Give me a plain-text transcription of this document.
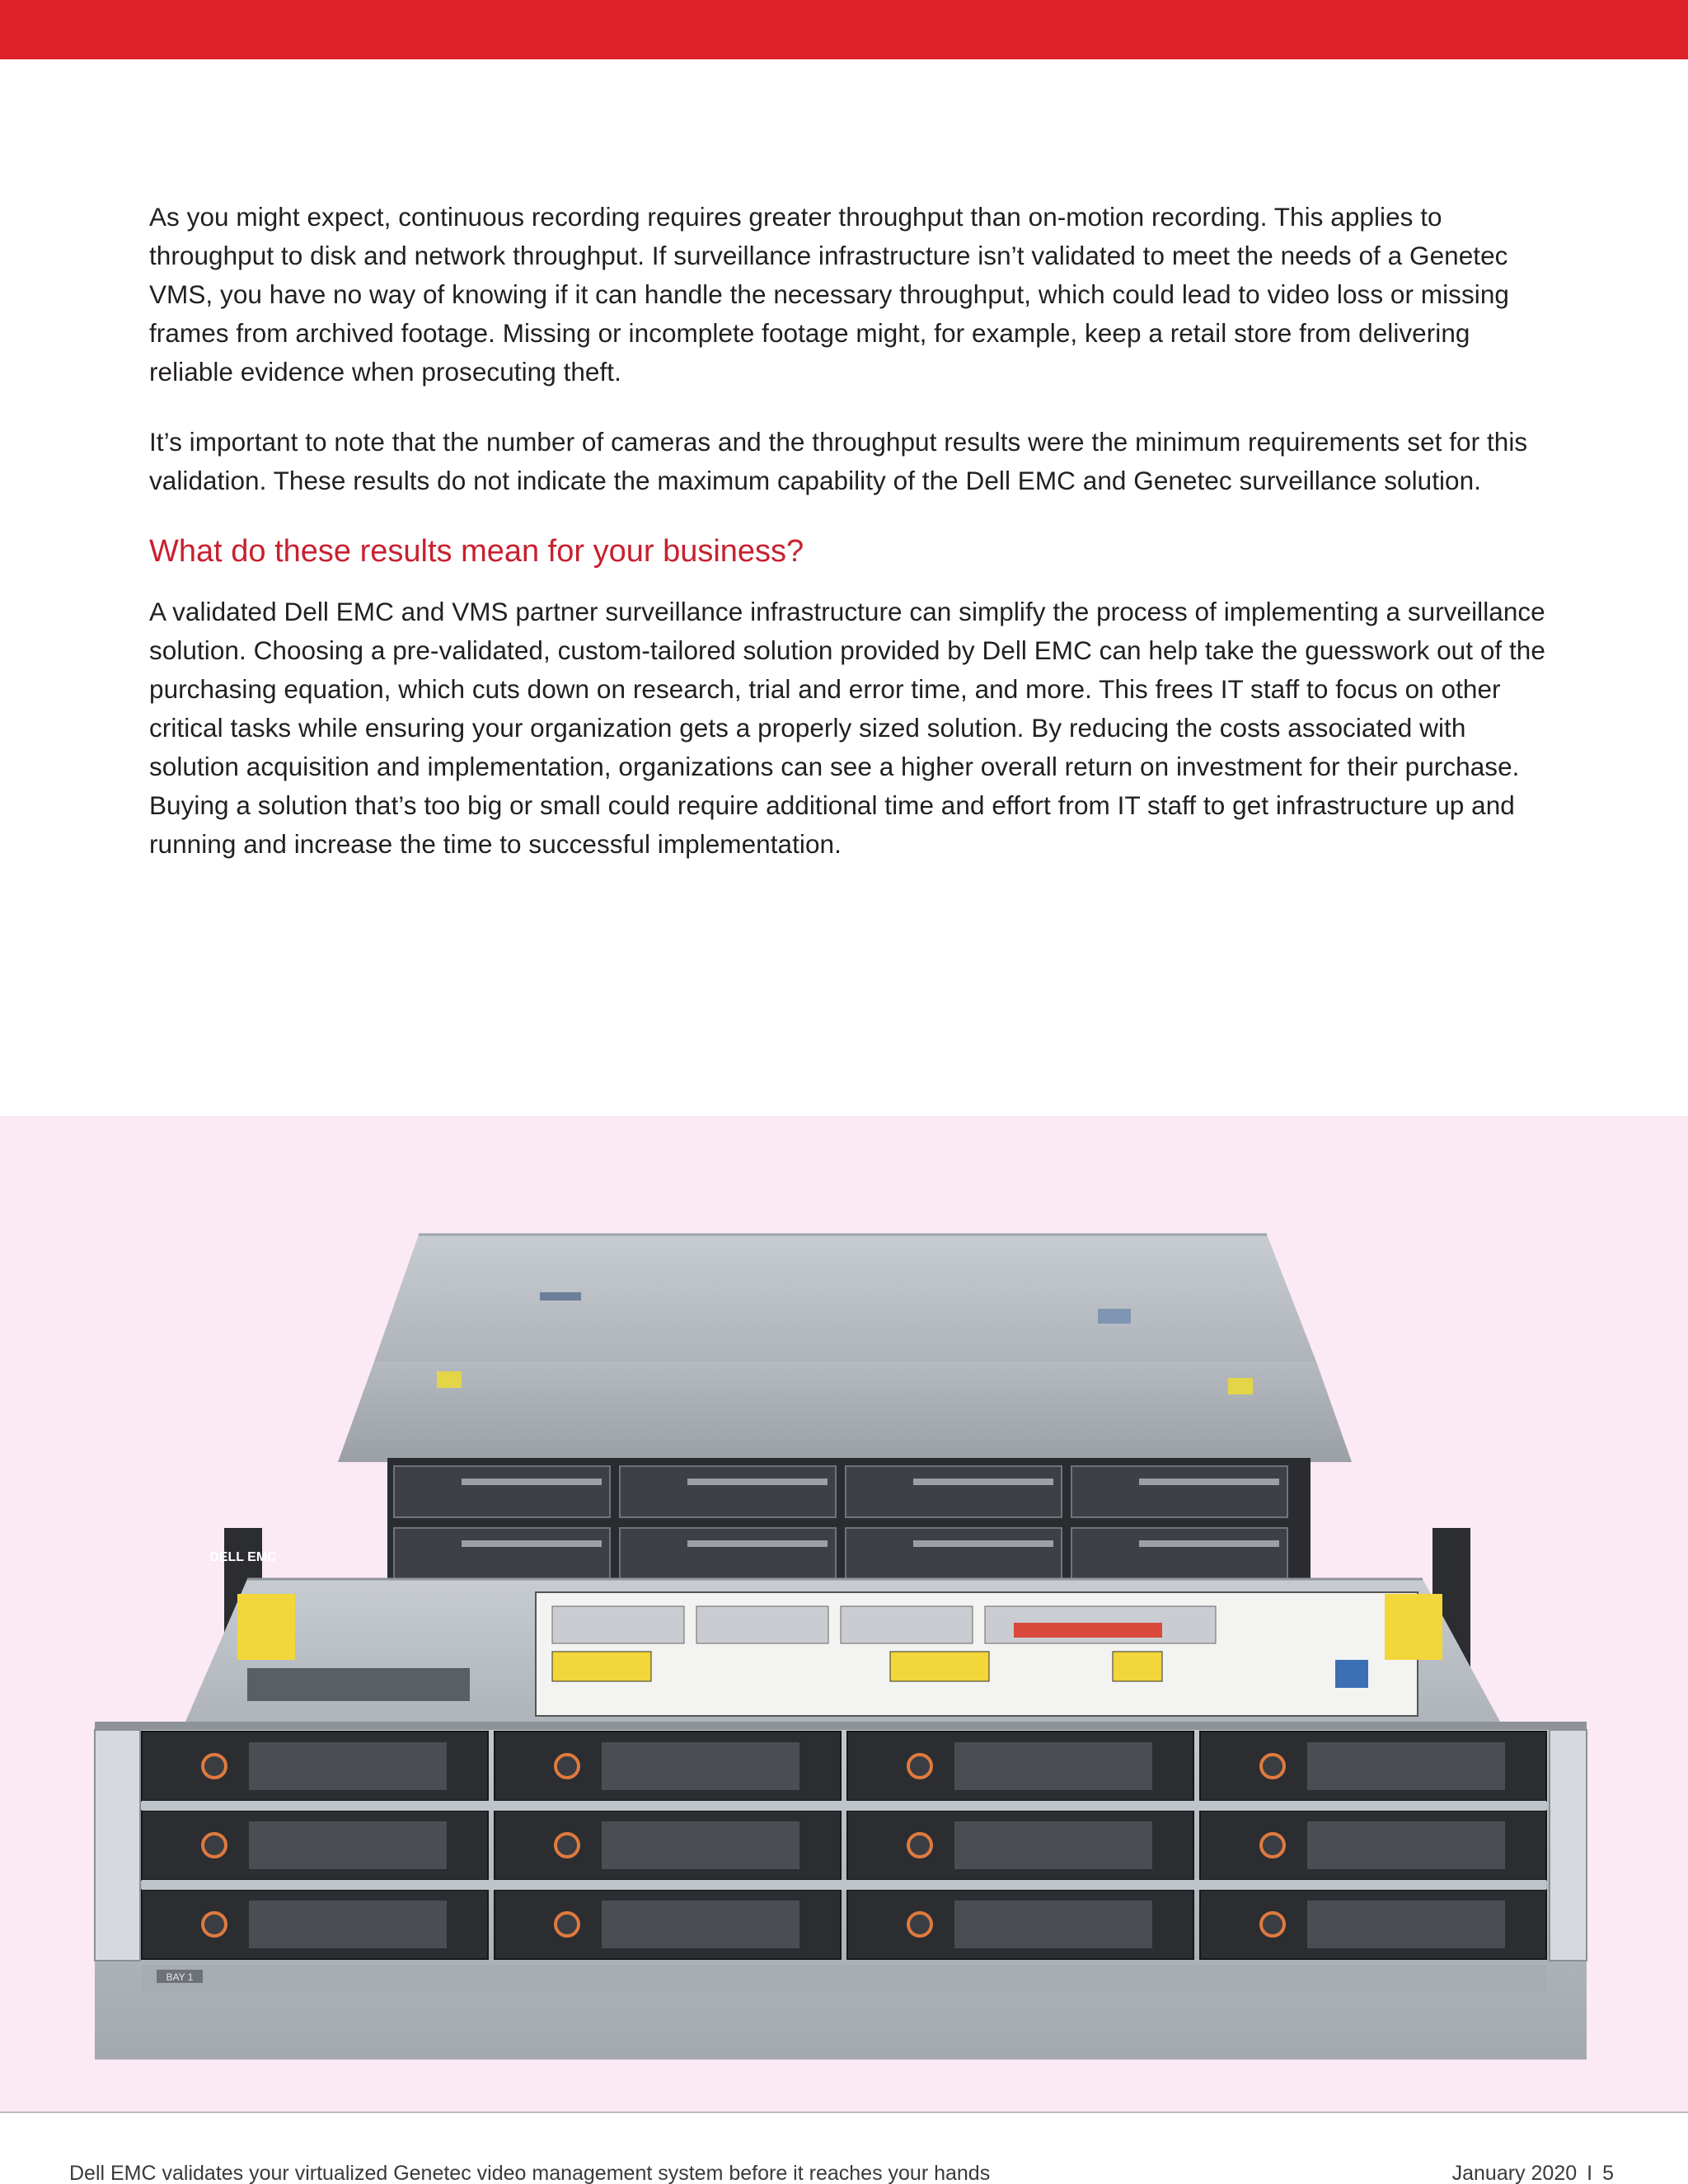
As you might expect, continuous recording requires greater throughput than on-motion recording. This applies to throughput to disk and network throughput. If surveillance infrastructure isn’t validated to meet the needs of a Genetec VMS, you have no way of knowing if it can handle the necessary throughput, which could lead to video loss or missing frames from archived footage. Missing or incomplete footage might, for example, keep a retail store from delivering reliable evidence when prosecuting theft.

It’s important to note that the number of cameras and the throughput results were the minimum requirements set for this validation. These results do not indicate the maximum capability of the Dell EMC and Genetec surveillance solution.

What do these results mean for your business?

A validated Dell EMC and VMS partner surveillance infrastructure can simplify the process of implementing a surveillance solution. Choosing a pre-validated, custom-tailored solution provided by Dell EMC can help take the guesswork out of the purchasing equation, which cuts down on research, trial and error time, and more. This frees IT staff to focus on other critical tasks while ensuring your organization gets a properly sized solution. By reducing the costs associated with solution acquisition and implementation, organizations can see a higher overall return on investment for their purchase. Buying a solution that’s too big or small could require additional time and effort from IT staff to get infrastructure up and running and increase the time to successful implementation.

DELL EMC
BAY 1
Dell EMC validates your virtualized Genetec video management system before it reaches your hands	January 2020 I 5
